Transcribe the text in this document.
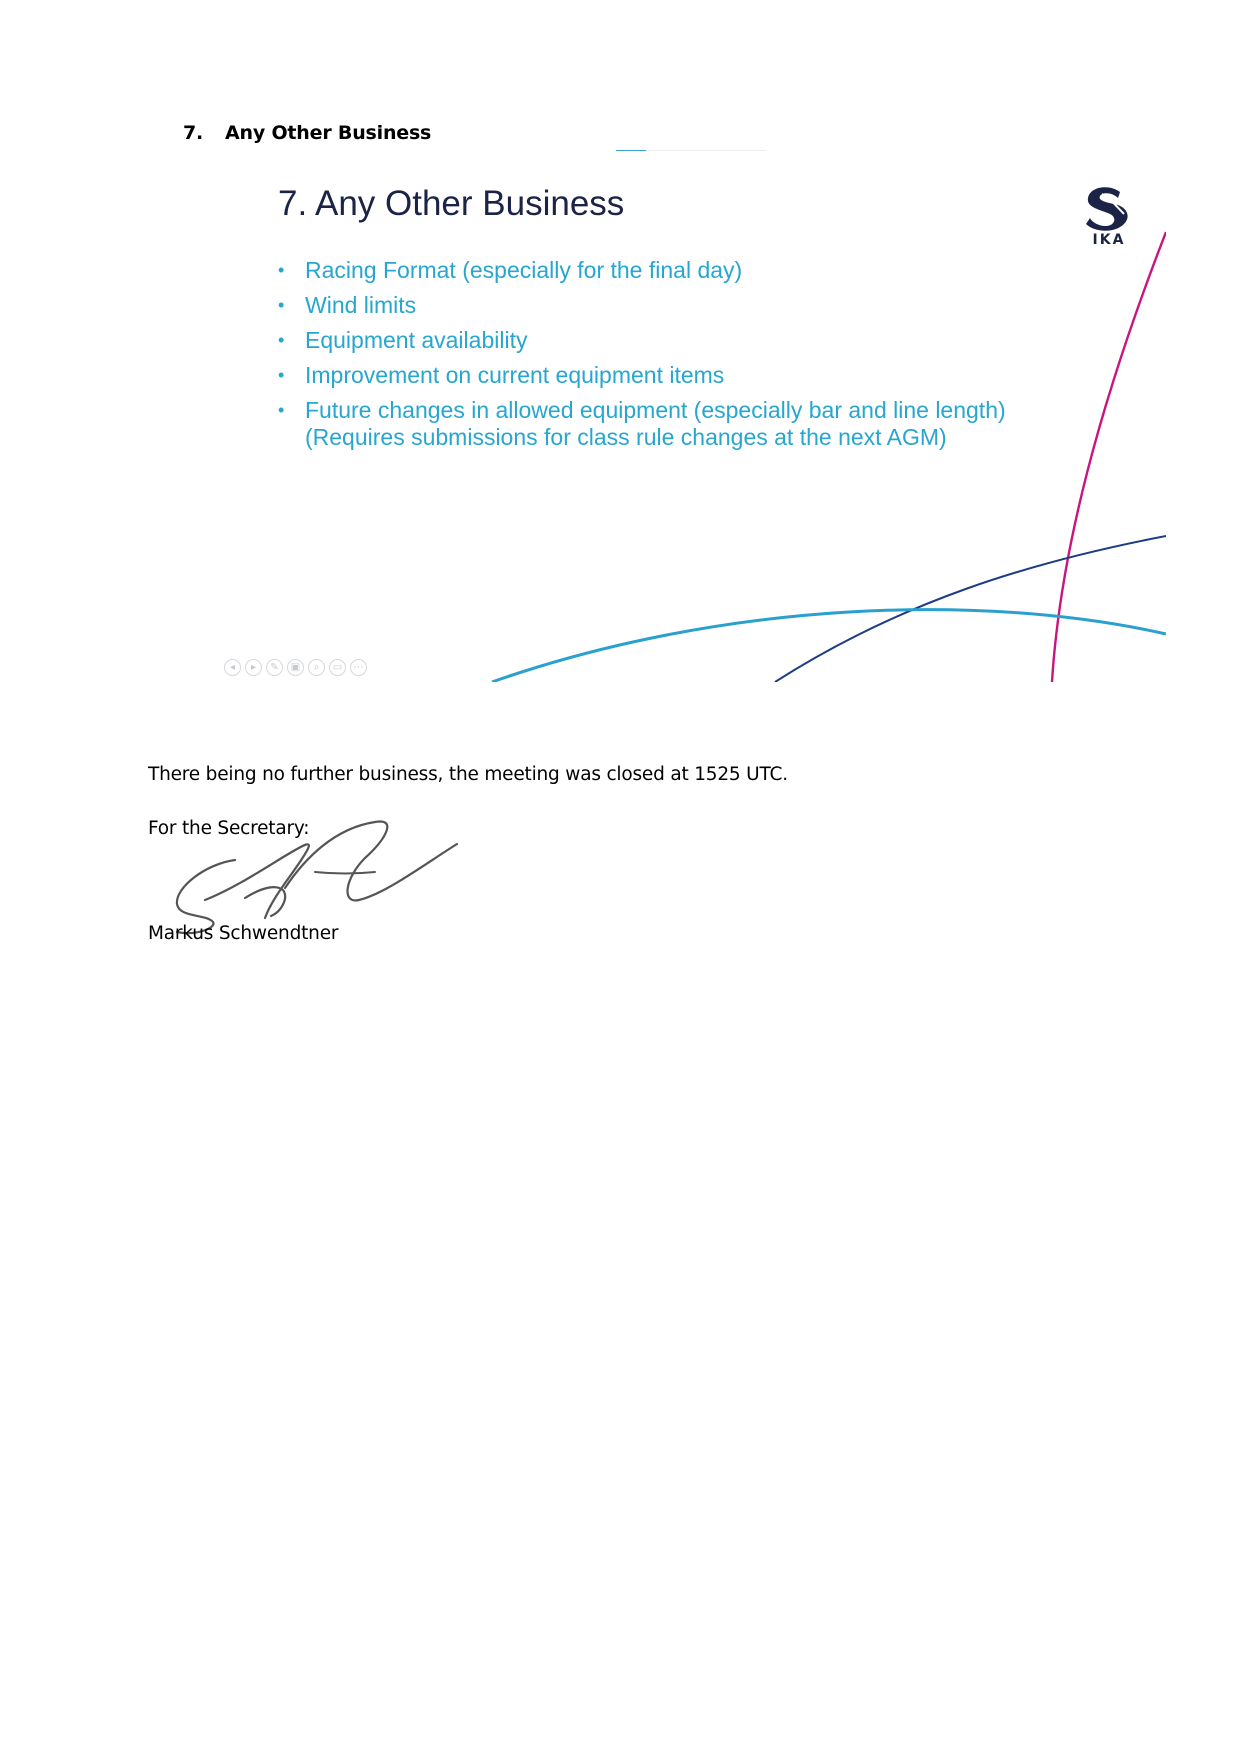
7. Any Other Business
7. Any Other Business
• Racing Format (especially for the final day)
• Wind limits
• Equipment availability
• Improvement on current equipment items
• Future changes in allowed equipment (especially bar and line length)
(Requires submissions for class rule changes at the next AGM)
IKA
◂	▸	✎	▣	⌕	▭	⋯
There being no further business, the meeting was closed at 1525 UTC.
For the Secretary:
Markus Schwendtner
